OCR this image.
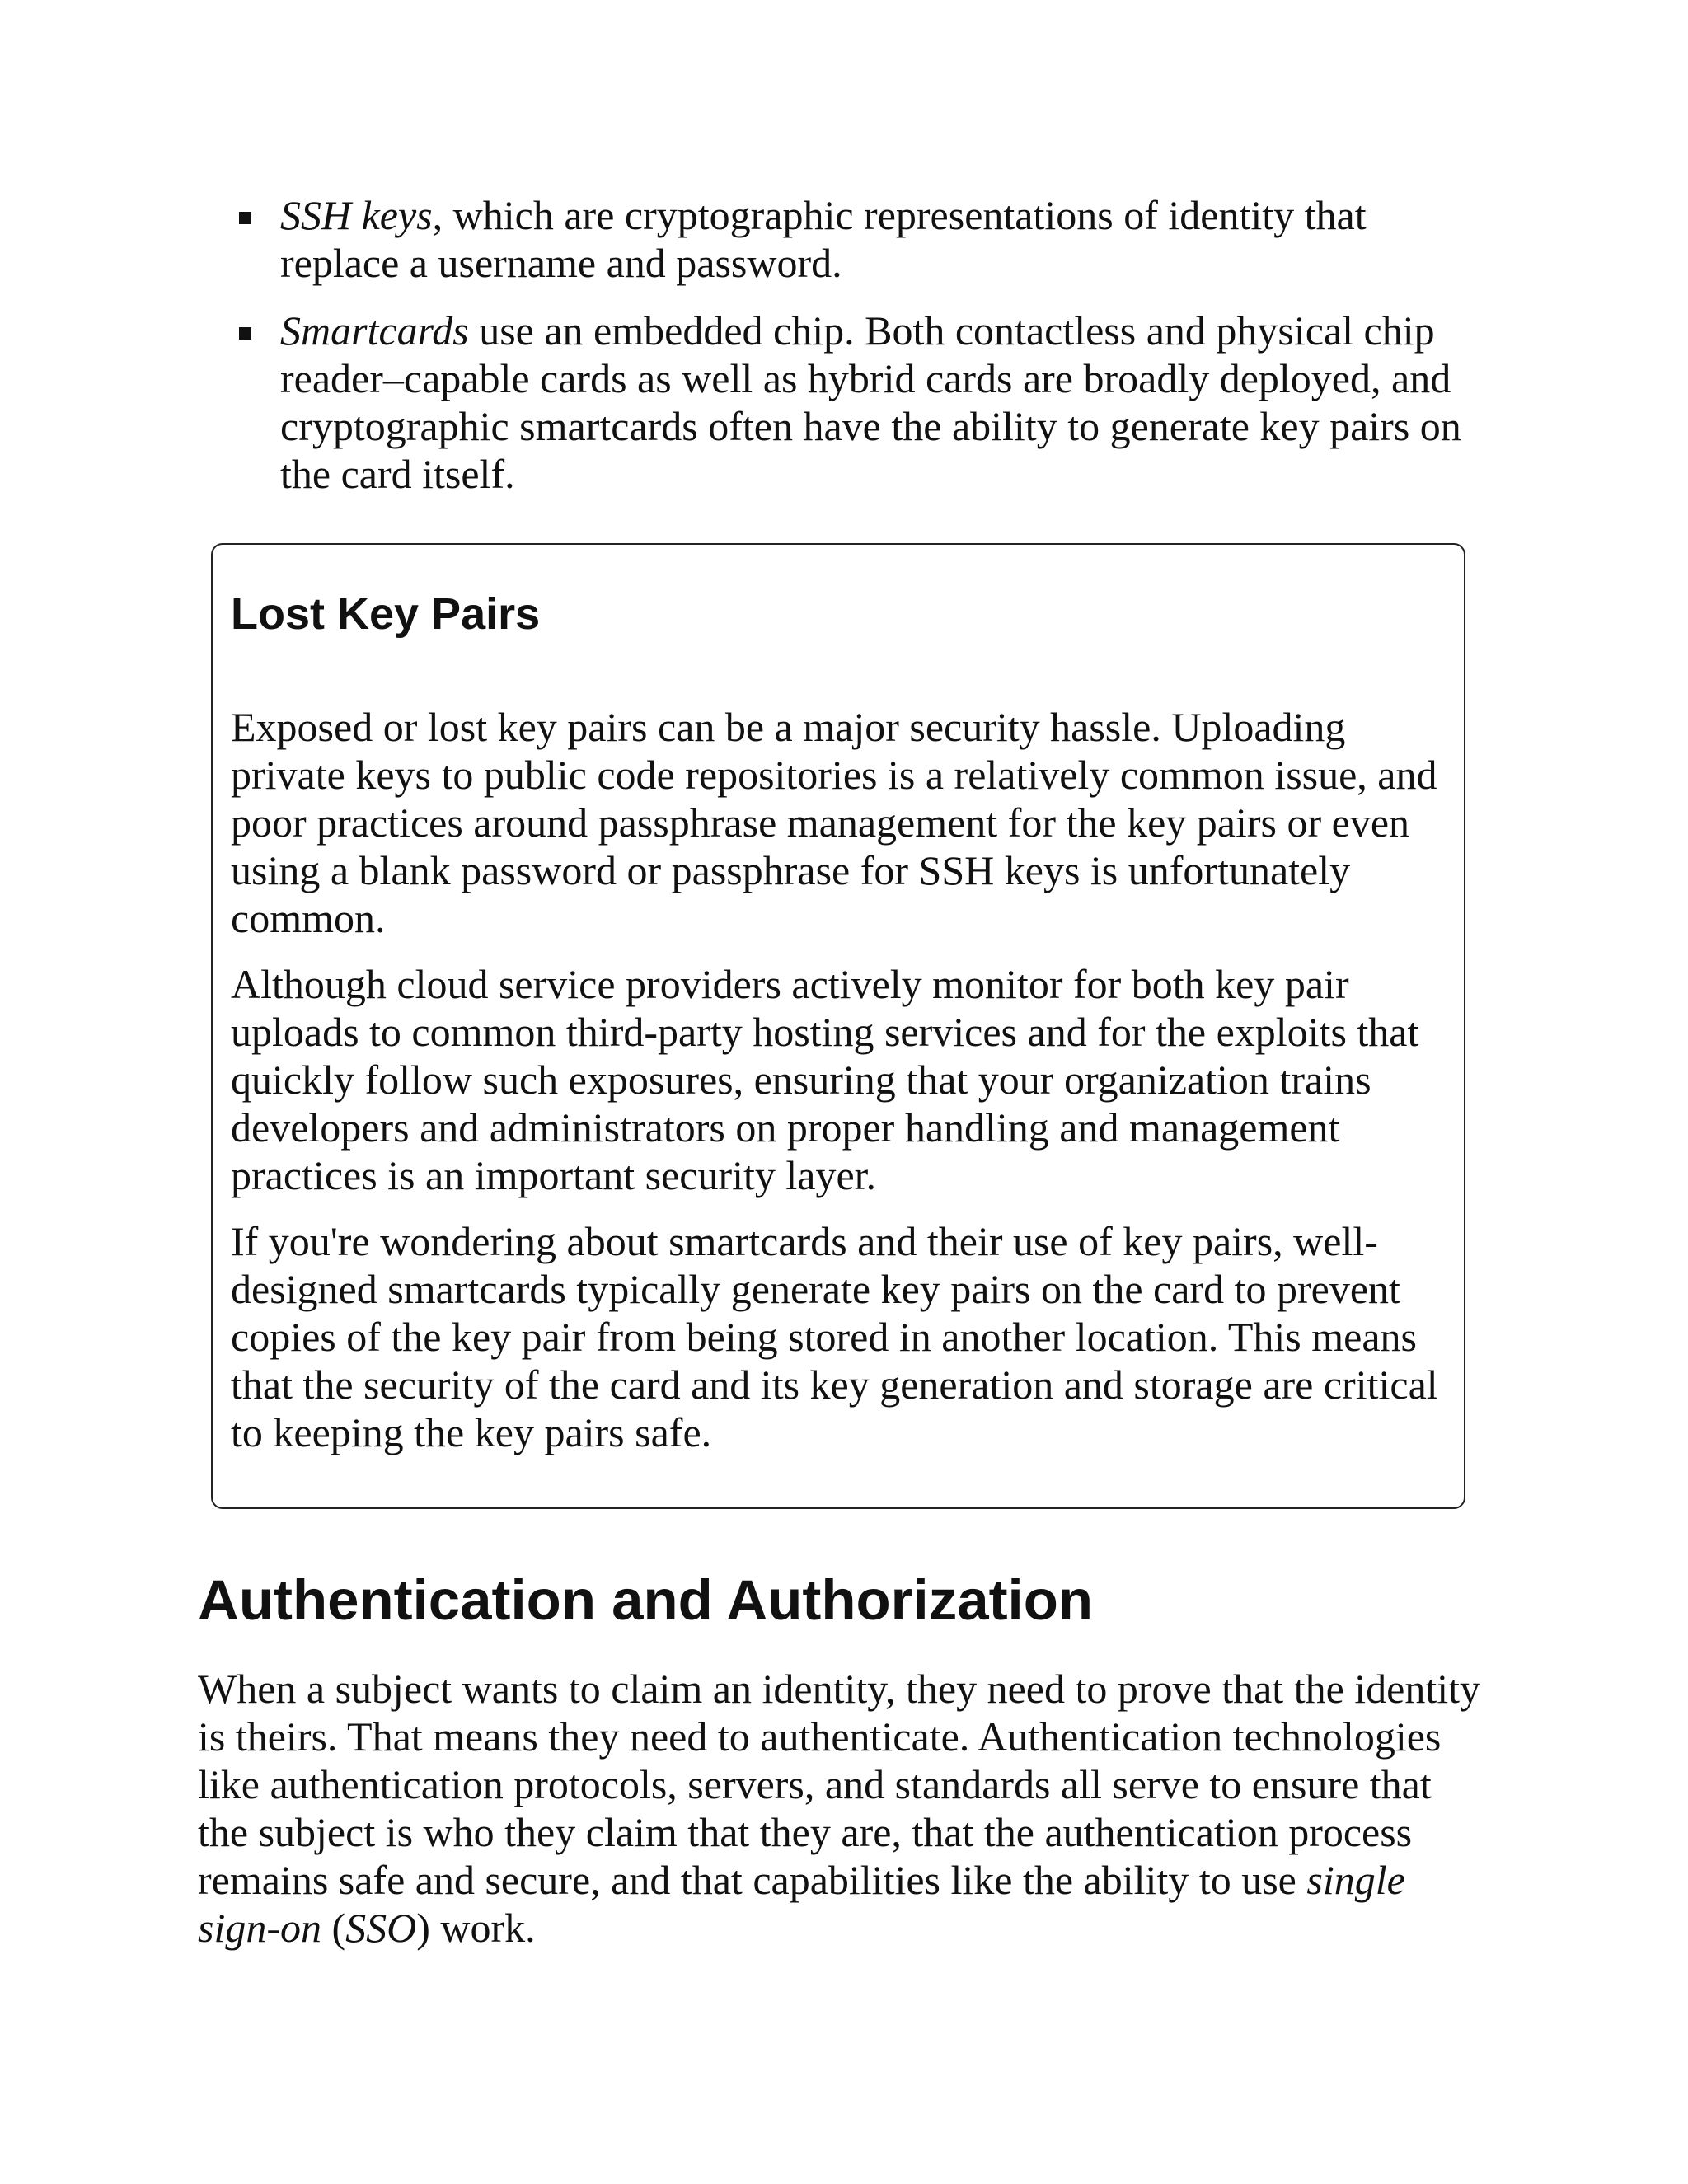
SSH keys, which are cryptographic representations of identity that replace a username and password.
Smartcards use an embedded chip. Both contactless and physical chip reader–capable cards as well as hybrid cards are broadly deployed, and cryptographic smartcards often have the ability to generate key pairs on the card itself.
Lost Key Pairs

Exposed or lost key pairs can be a major security hassle. Uploading private keys to public code repositories is a relatively common issue, and poor practices around passphrase management for the key pairs or even using a blank password or passphrase for SSH keys is unfortunately common.

Although cloud service providers actively monitor for both key pair uploads to common third-party hosting services and for the exploits that quickly follow such exposures, ensuring that your organization trains developers and administrators on proper handling and management practices is an important security layer.

If you're wondering about smartcards and their use of key pairs, well-designed smartcards typically generate key pairs on the card to prevent copies of the key pair from being stored in another location. This means that the security of the card and its key generation and storage are critical to keeping the key pairs safe.

Authentication and Authorization

When a subject wants to claim an identity, they need to prove that the identity is theirs. That means they need to authenticate. Authentication technologies like authentication protocols, servers, and standards all serve to ensure that the subject is who they claim that they are, that the authentication process remains safe and secure, and that capabilities like the ability to use single sign-on (SSO) work.
